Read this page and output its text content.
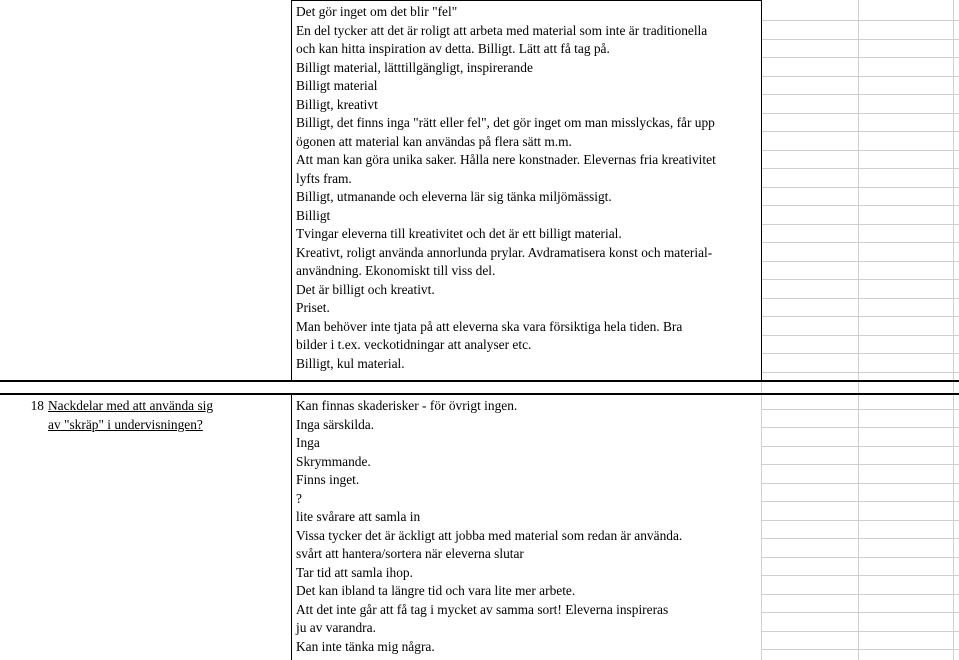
Det gör inget om det blir "fel"
En del tycker att det är roligt att arbeta med material som inte är traditionella
och kan hitta inspiration av detta. Billigt. Lätt att få tag på.
Billigt material, lätttillgängligt, inspirerande
Billigt material
Billigt, kreativt
Billigt, det finns inga "rätt eller fel", det gör inget om man misslyckas, får upp
ögonen att material kan användas på flera sätt m.m.
Att man kan göra unika saker. Hålla nere konstnader. Elevernas fria kreativitet
lyfts fram.
Billigt, utmanande och eleverna lär sig tänka miljömässigt.
Billigt
Tvingar eleverna till kreativitet och det är ett billigt material.
Kreativt, roligt använda annorlunda prylar. Avdramatisera konst och material-
användning. Ekonomiskt till viss del.
Det är billigt och kreativt.
Priset.
Man behöver inte tjata på att eleverna ska vara försiktiga hela tiden. Bra
bilder i t.ex. veckotidningar att analyser etc.
Billigt, kul material.
18 Nackdelar med att använda sig
av "skräp" i undervisningen?
Kan finnas skaderisker - för övrigt ingen.
Inga särskilda.
Inga
Skrymmande.
Finns inget.
?
lite svårare att samla in
Vissa tycker det är äckligt att jobba med material som redan är använda.
svårt att hantera/sortera när eleverna slutar
Tar tid att samla ihop.
Det kan ibland ta längre tid och vara lite mer arbete.
Att det inte går att få tag i mycket av samma sort! Eleverna inspireras
ju av varandra.
Kan inte tänka mig några.
